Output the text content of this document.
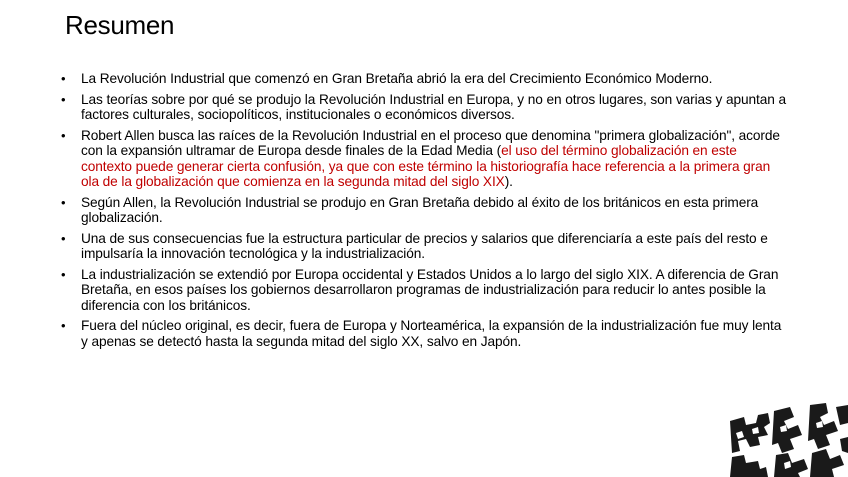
Resumen
• La Revolución Industrial que comenzó en Gran Bretaña abrió la era del Crecimiento Económico Moderno.
• Las teorías sobre por qué se produjo la Revolución Industrial en Europa, y no en otros lugares, son varias y apuntan a factores culturales, sociopolíticos, institucionales o económicos diversos.
• Robert Allen busca las raíces de la Revolución Industrial en el proceso que denomina "primera globalización", acorde con la expansión ultramar de Europa desde finales de la Edad Media (el uso del término globalización en este contexto puede generar cierta confusión, ya que con este término la historiografía hace referencia a la primera gran ola de la globalización que comienza en la segunda mitad del siglo XIX).
• Según Allen, la Revolución Industrial se produjo en Gran Bretaña debido al éxito de los británicos en esta primera globalización.
• Una de sus consecuencias fue la estructura particular de precios y salarios que diferenciaría a este país del resto e impulsaría la innovación tecnológica y la industrialización.
• La industrialización se extendió por Europa occidental y Estados Unidos a lo largo del siglo XIX. A diferencia de Gran Bretaña, en esos países los gobiernos desarrollaron programas de industrialización para reducir lo antes posible la diferencia con los británicos.
• Fuera del núcleo original, es decir, fuera de Europa y Norteamérica, la expansión de la industrialización fue muy lenta y apenas se detectó hasta la segunda mitad del siglo XX, salvo en Japón.
